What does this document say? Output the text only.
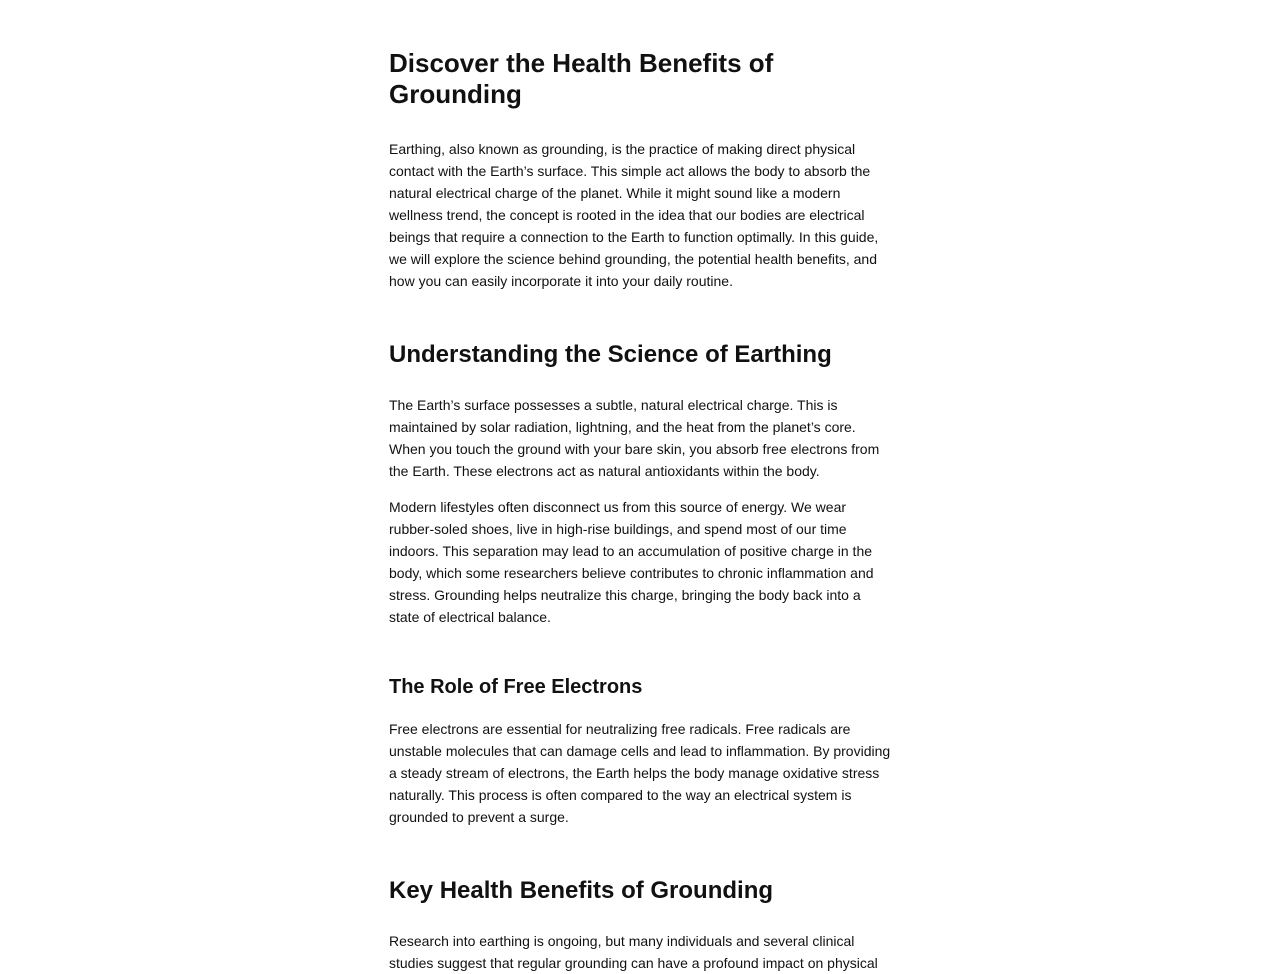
Discover the Health Benefits of Grounding

Earthing, also known as grounding, is the practice of making direct physical contact with the Earth’s surface. This simple act allows the body to absorb the natural electrical charge of the planet. While it might sound like a modern wellness trend, the concept is rooted in the idea that our bodies are electrical beings that require a connection to the Earth to function optimally. In this guide, we will explore the science behind grounding, the potential health benefits, and how you can easily incorporate it into your daily routine.

Understanding the Science of Earthing

The Earth’s surface possesses a subtle, natural electrical charge. This is maintained by solar radiation, lightning, and the heat from the planet’s core. When you touch the ground with your bare skin, you absorb free electrons from the Earth. These electrons act as natural antioxidants within the body.

Modern lifestyles often disconnect us from this source of energy. We wear rubber-soled shoes, live in high-rise buildings, and spend most of our time indoors. This separation may lead to an accumulation of positive charge in the body, which some researchers believe contributes to chronic inflammation and stress. Grounding helps neutralize this charge, bringing the body back into a state of electrical balance.

The Role of Free Electrons

Free electrons are essential for neutralizing free radicals. Free radicals are unstable molecules that can damage cells and lead to inflammation. By providing a steady stream of electrons, the Earth helps the body manage oxidative stress naturally. This process is often compared to the way an electrical system is grounded to prevent a surge.

Key Health Benefits of Grounding

Research into earthing is ongoing, but many individuals and several clinical studies suggest that regular grounding can have a profound impact on physical
